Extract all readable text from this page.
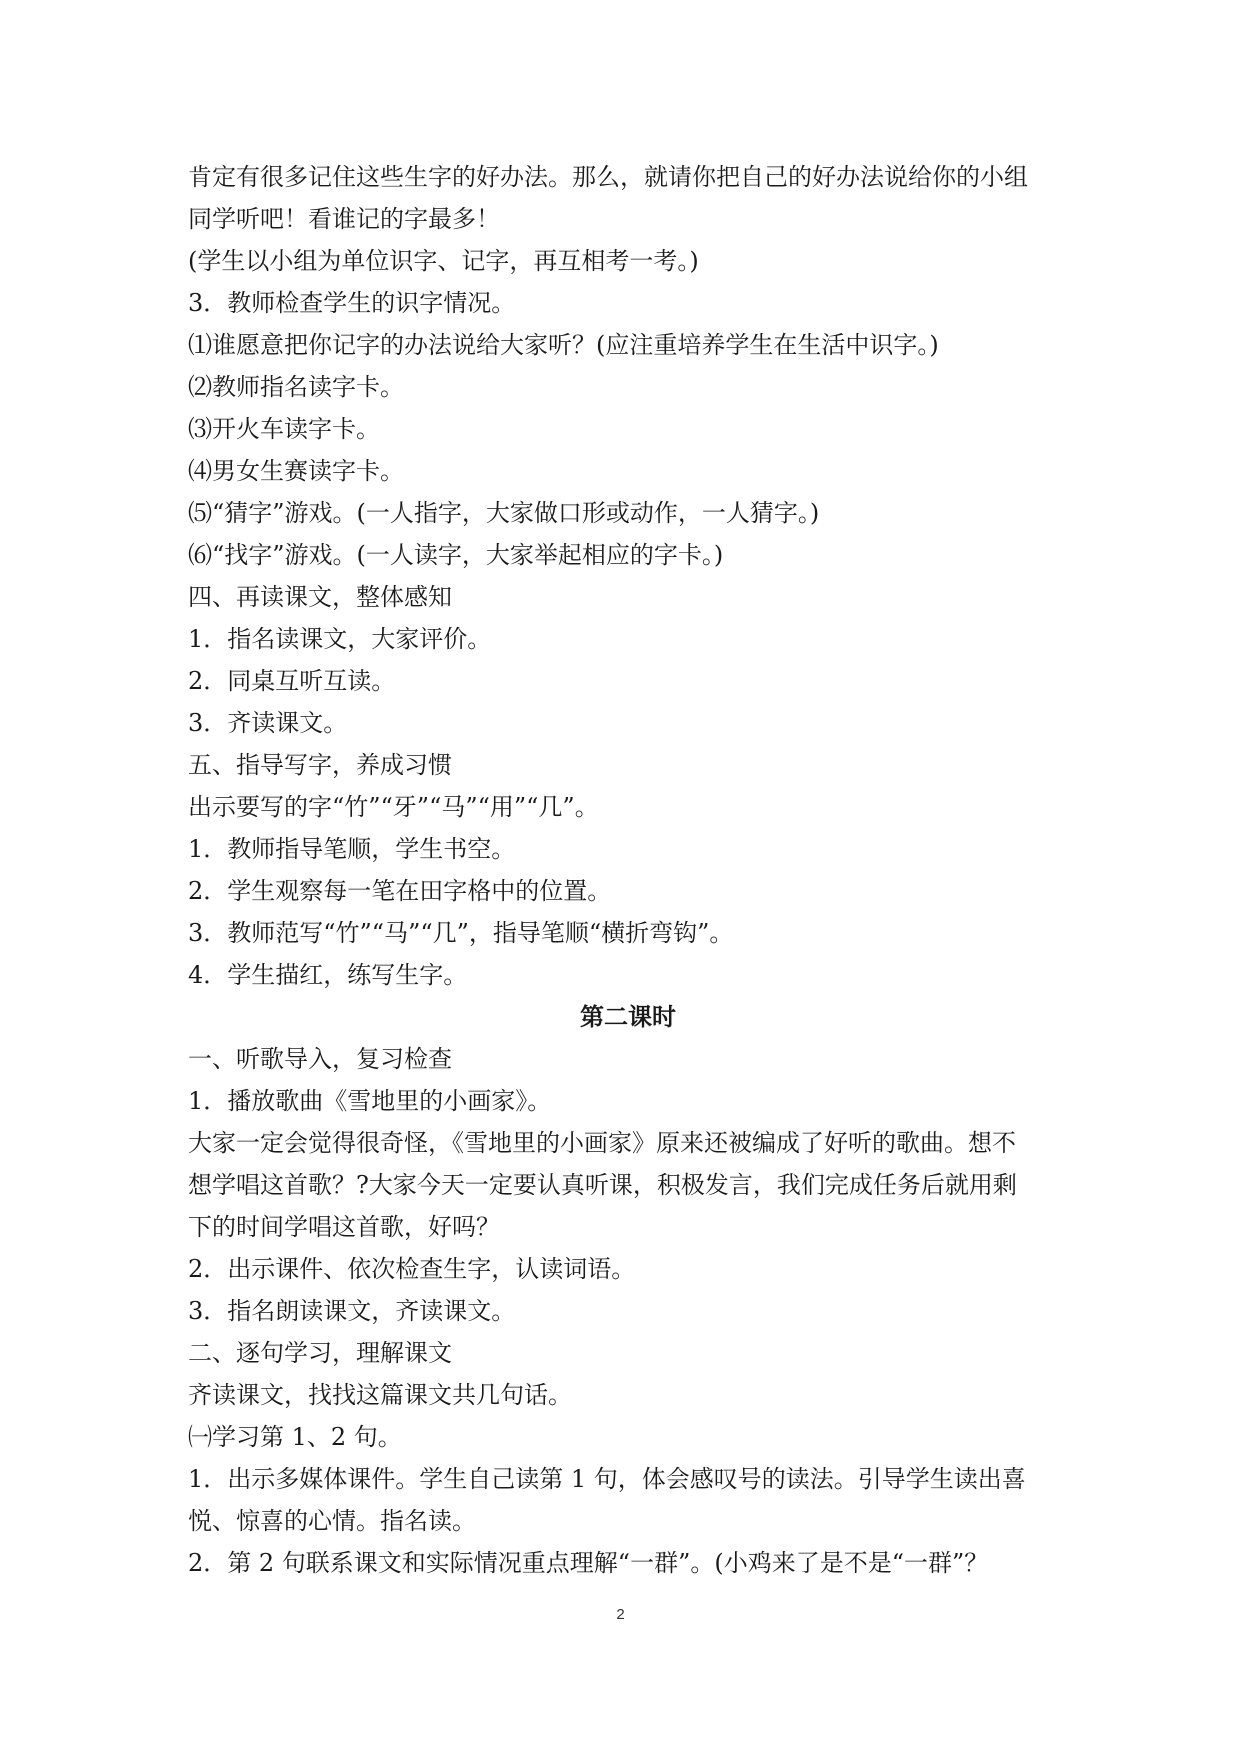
肯定有很多记住这些生字的好办法。那么，就请你把自己的好办法说给你的小组
同学听吧！看谁记的字最多！
(学生以小组为单位识字、记字，再互相考一考。)
3．教师检查学生的识字情况。
⑴谁愿意把你记字的办法说给大家听？(应注重培养学生在生活中识字。)
⑵教师指名读字卡。
⑶开火车读字卡。
⑷男女生赛读字卡。
⑸“猜字”游戏。(一人指字，大家做口形或动作，一人猜字。)
⑹“找字”游戏。(一人读字，大家举起相应的字卡。)
四、再读课文，整体感知
1．指名读课文，大家评价。
2．同桌互听互读。
3．齐读课文。
五、指导写字，养成习惯
出示要写的字“竹”“牙”“马”“用”“几”。
1．教师指导笔顺，学生书空。
2．学生观察每一笔在田字格中的位置。
3．教师范写“竹”“马”“几”，指导笔顺“横折弯钩”。
4．学生描红，练写生字。
第二课时
一、听歌导入，复习检查
1．播放歌曲《雪地里的小画家》。
大家一定会觉得很奇怪，《雪地里的小画家》原来还被编成了好听的歌曲。想不
想学唱这首歌？?大家今天一定要认真听课，积极发言，我们完成任务后就用剩
下的时间学唱这首歌，好吗？
2．出示课件、依次检查生字，认读词语。
3．指名朗读课文，齐读课文。
二、逐句学习，理解课文
齐读课文，找找这篇课文共几句话。
㈠学习第 1、2 句。
1．出示多媒体课件。学生自己读第 1 句，体会感叹号的读法。引导学生读出喜
悦、惊喜的心情。指名读。
2．第 2 句联系课文和实际情况重点理解“一群”。(小鸡来了是不是“一群”？
2
